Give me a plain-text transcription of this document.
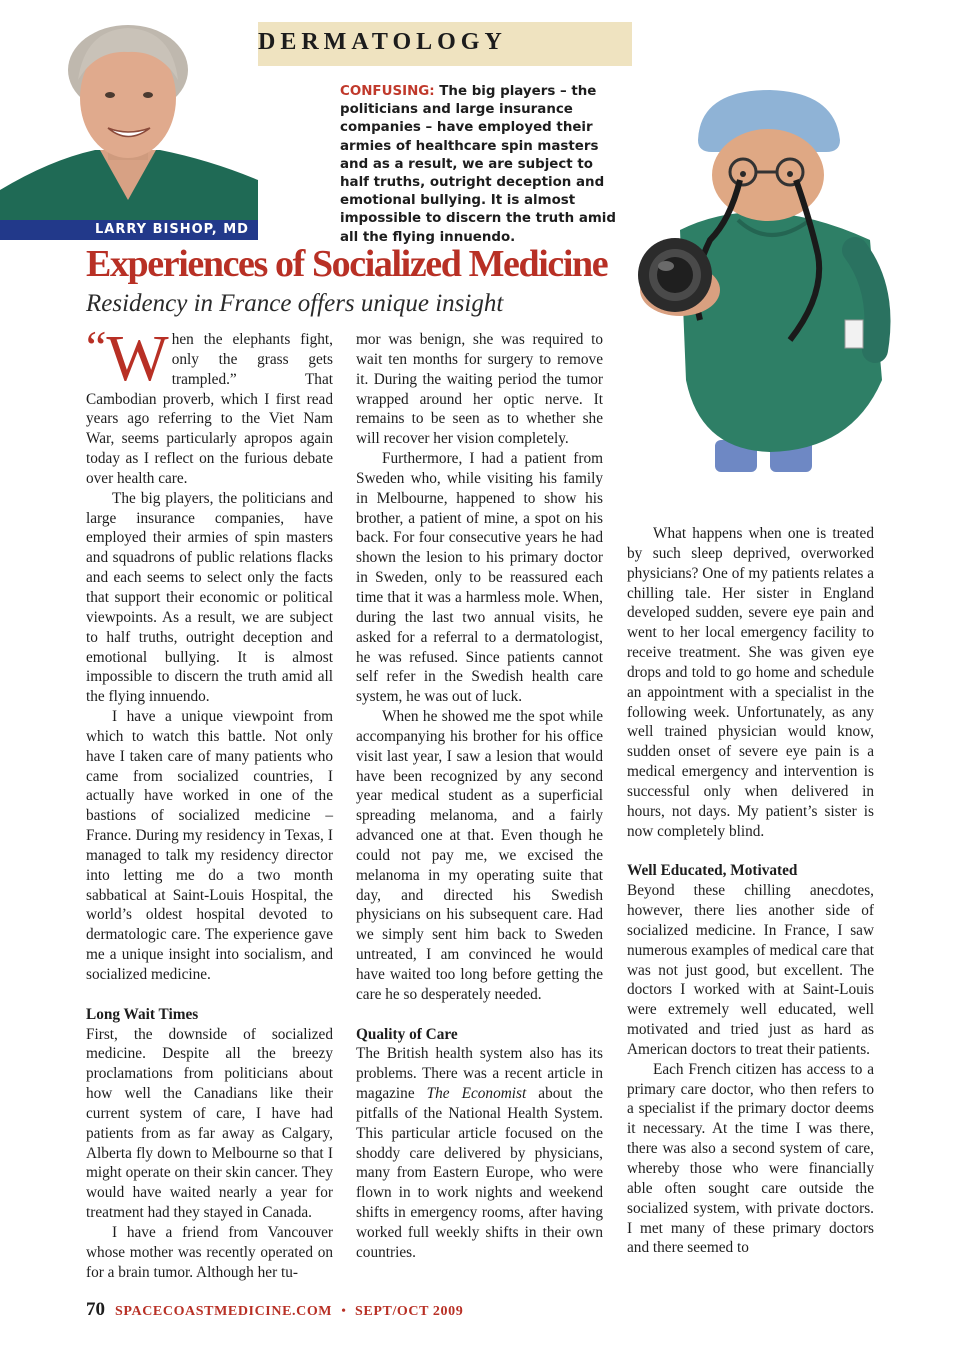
DERMATOLOGY
LARRY BISHOP, MD
CONFUSING: The big players – the politicians and large insurance companies – have employed their armies of healthcare spin masters and as a result, we are subject to half truths, outright deception and emotional bullying. It is almost impossible to discern the truth amid all the flying innuendo.
Experiences of Socialized Medicine
Residency in France offers unique insight

“W hen the elephants fight, only the grass gets trampled.” That Cambodian proverb, which I first read years ago referring to the Viet Nam War, seems particularly apropos again today as I reflect on the furious debate over health care.

The big players, the politicians and large insurance companies, have employed their armies of spin masters and squadrons of public relations flacks and each seems to select only the facts that support their economic or political viewpoints. As a result, we are subject to half truths, outright deception and emotional bullying. It is almost impossible to discern the truth amid all the flying innuendo.

I have a unique viewpoint from which to watch this battle. Not only have I taken care of many patients who came from socialized countries, I actually have worked in one of the bastions of socialized medicine – France. During my residency in Texas, I managed to talk my residency director into letting me do a two month sabbatical at Saint-Louis Hospital, the world’s oldest hospital devoted to dermatologic care. The experience gave me a unique insight into socialism, and socialized medicine.

Long Wait Times

First, the downside of socialized medicine. Despite all the breezy proclamations from politicians about how well the Canadians like their current system of care, I have had patients from as far away as Calgary, Alberta fly down to Melbourne so that I might operate on their skin cancer. They would have waited nearly a year for treatment had they stayed in Canada.

I have a friend from Vancouver whose mother was recently operated on for a brain tumor. Although her tu-

mor was benign, she was required to wait ten months for surgery to remove it. During the waiting period the tumor wrapped around her optic nerve. It remains to be seen as to whether she will recover her vision completely.

Furthermore, I had a patient from Sweden who, while visiting his family in Melbourne, happened to show his brother, a patient of mine, a spot on his back. For four consecutive years he had shown the lesion to his primary doctor in Sweden, only to be reassured each time that it was a harmless mole. When, during the last two annual visits, he asked for a referral to a dermatologist, he was refused. Since patients cannot self refer in the Swedish health care system, he was out of luck.

When he showed me the spot while accompanying his brother for his office visit last year, I saw a lesion that would have been recognized by any second year medical student as a superficial spreading melanoma, and a fairly advanced one at that. Even though he could not pay me, we excised the melanoma in my operating suite that day, and directed his Swedish physicians on his subsequent care. Had we simply sent him back to Sweden untreated, I am convinced he would have waited too long before getting the care he so desperately needed.

Quality of Care

The British health system also has its problems. There was a recent article in magazine The Economist about the pitfalls of the National Health System. This particular article focused on the shoddy care delivered by physicians, many from Eastern Europe, who were flown in to work nights and weekend shifts in emergency rooms, after having worked full weekly shifts in their own countries.

What happens when one is treated by such sleep deprived, overworked physicians? One of my patients relates a chilling tale. Her sister in England developed sudden, severe eye pain and went to her local emergency facility to receive treatment. She was given eye drops and told to go home and schedule an appointment with a specialist in the following week. Unfortunately, as any well trained physician would know, sudden onset of severe eye pain is a medical emergency and intervention is successful only when delivered in hours, not days. My patient’s sister is now completely blind.

Well Educated, Motivated

Beyond these chilling anecdotes, however, there lies another side of socialized medicine. In France, I saw numerous examples of medical care that was not just good, but excellent. The doctors I worked with at Saint-Louis were extremely well educated, well motivated and tried just as hard as American doctors to treat their patients.

Each French citizen has access to a primary care doctor, who then refers to a specialist if the primary doctor deems it necessary. At the time I was there, there was also a second system of care, whereby those who were financially able often sought care outside the socialized system, with private doctors. I met many of these primary doctors and there seemed to

70 SPACECOASTMEDICINE.COM • SEPT/OCT 2009
